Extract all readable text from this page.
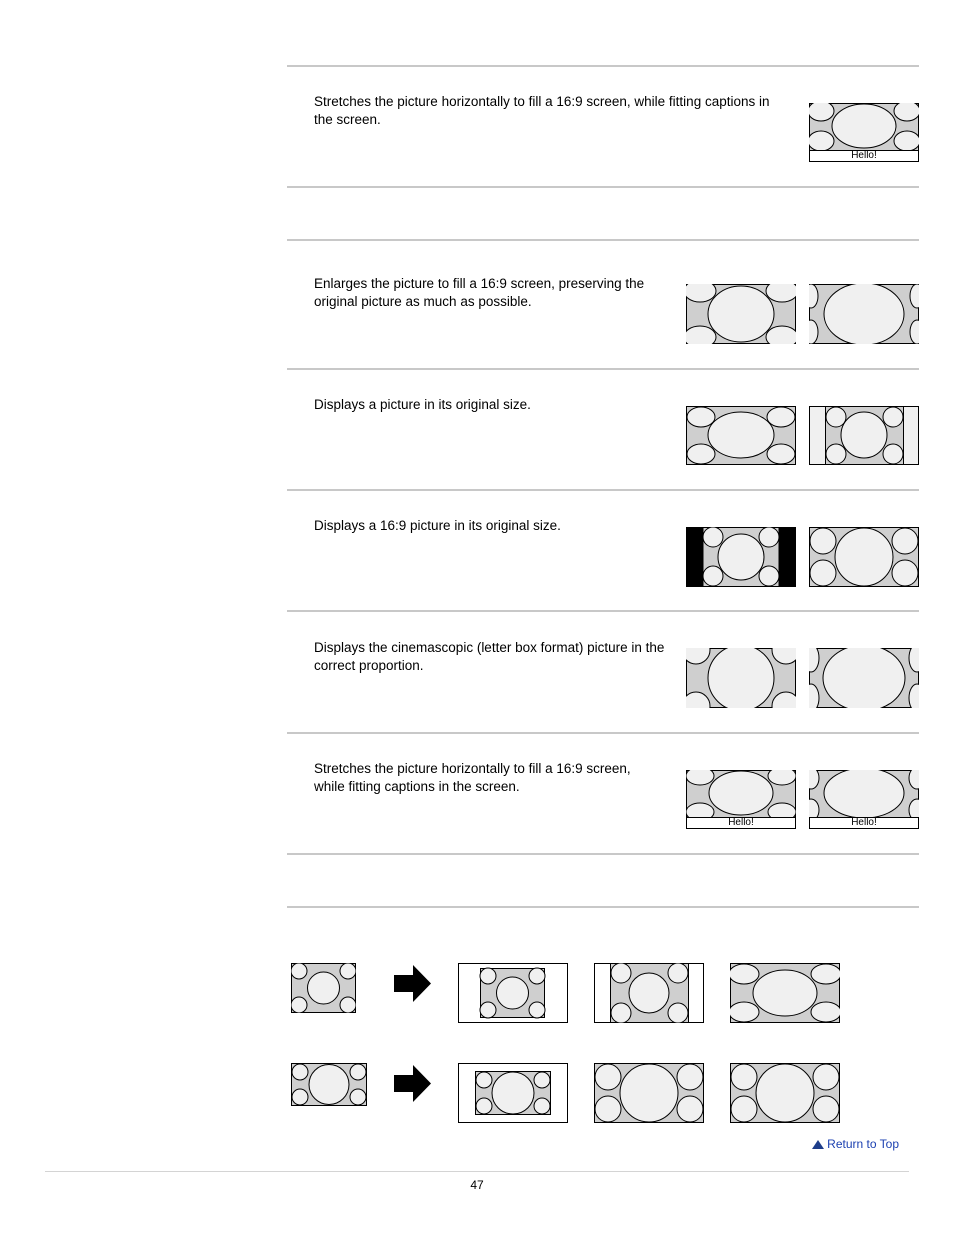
Stretches the picture horizontally to fill a 16:9 screen, while fitting captions in the screen.

Hello!

Enlarges the picture to fill a 16:9 screen, preserving the original picture as much as possible.

Displays a picture in its original size.

Displays a 16:9 picture in its original size.

Displays the cinemascopic (letter box format) picture in the correct proportion.

Stretches the picture horizontally to fill a 16:9 screen, while fitting captions in the screen.

Hello!	Hello!
Return to Top
47
